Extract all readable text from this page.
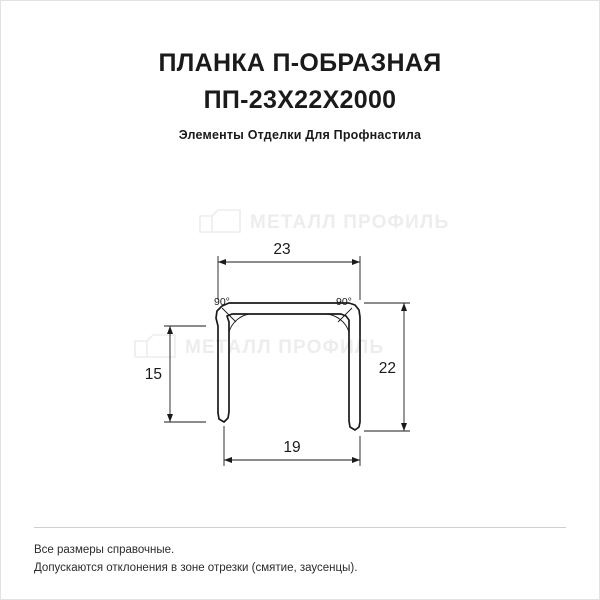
ПЛАНКА П-ОБРАЗНАЯ
ПП-23Х22Х2000
Элементы Отделки Для Профнастила
МЕТАЛЛ ПРОФИЛЬ
МЕТАЛЛ ПРОФИЛЬ
90°	90°
23
15	22
19
Все размеры справочные.
Допускаются отклонения в зоне отрезки (смятие, заусенцы).
